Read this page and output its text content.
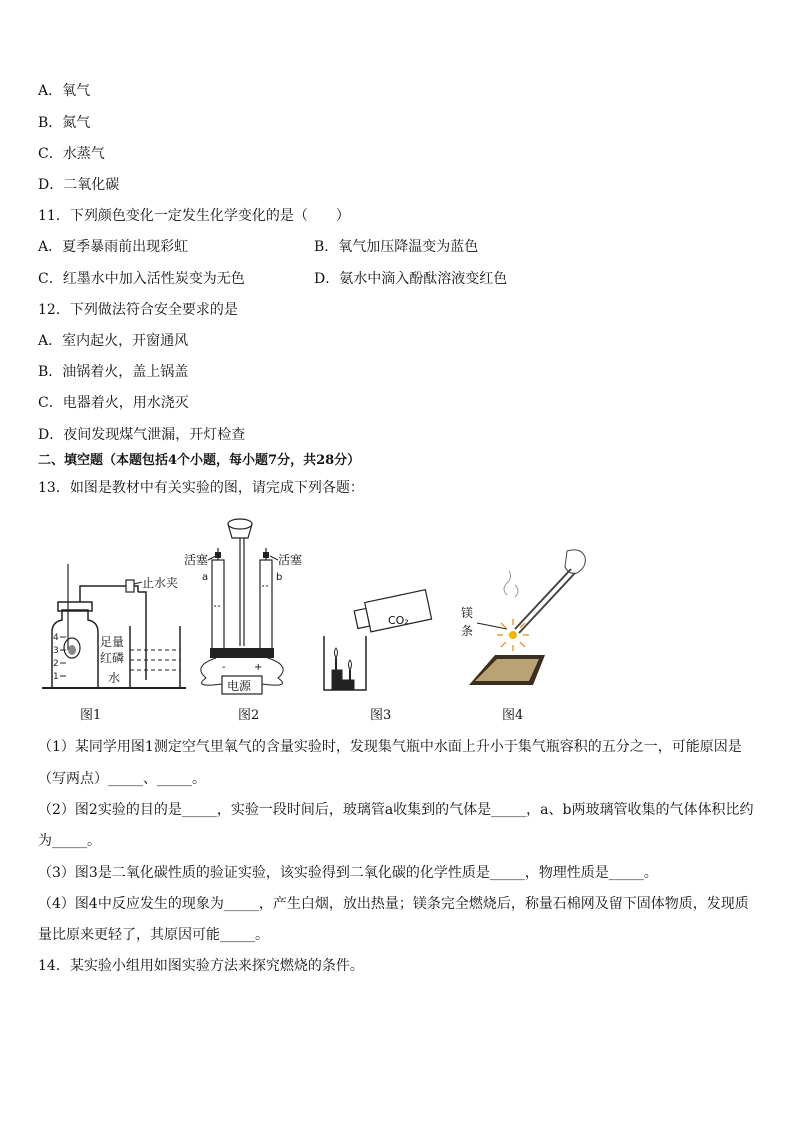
A．氧气
B．氮气
C．水蒸气
D．二氧化碳
11．下列颜色变化一定发生化学变化的是（　　）
A．夏季暴雨前出现彩虹	B．氧气加压降温变为蓝色
C．红墨水中加入活性炭变为无色	D．氨水中滴入酚酞溶液变红色
12．下列做法符合安全要求的是
A．室内起火，开窗通风
B．油锅着火，盖上锅盖
C．电器着火，用水浇灭
D．夜间发现煤气泄漏，开灯检查
二、填空题（本题包括4个小题，每小题7分，共28分）
13．如图是教材中有关实验的图，请完成下列各题：
4
3
2
1
止水夹
足量
红磷
水
图1
活塞	活塞
a	b
-	+
电源
图2
CO₂
图3
镁
条
图4
（1）某同学用图1测定空气里氧气的含量实验时，发现集气瓶中水面上升小于集气瓶容积的五分之一，可能原因是
（写两点）_____、_____。
（2）图2实验的目的是_____，实验一段时间后，玻璃管a收集到的气体是_____，a、b两玻璃管收集的气体体积比约
为_____。
（3）图3是二氧化碳性质的验证实验，该实验得到二氧化碳的化学性质是_____，物理性质是_____。
（4）图4中反应发生的现象为_____，产生白烟，放出热量；镁条完全燃烧后，称量石棉网及留下固体物质，发现质
量比原来更轻了，其原因可能_____。
14．某实验小组用如图实验方法来探究燃烧的条件。
